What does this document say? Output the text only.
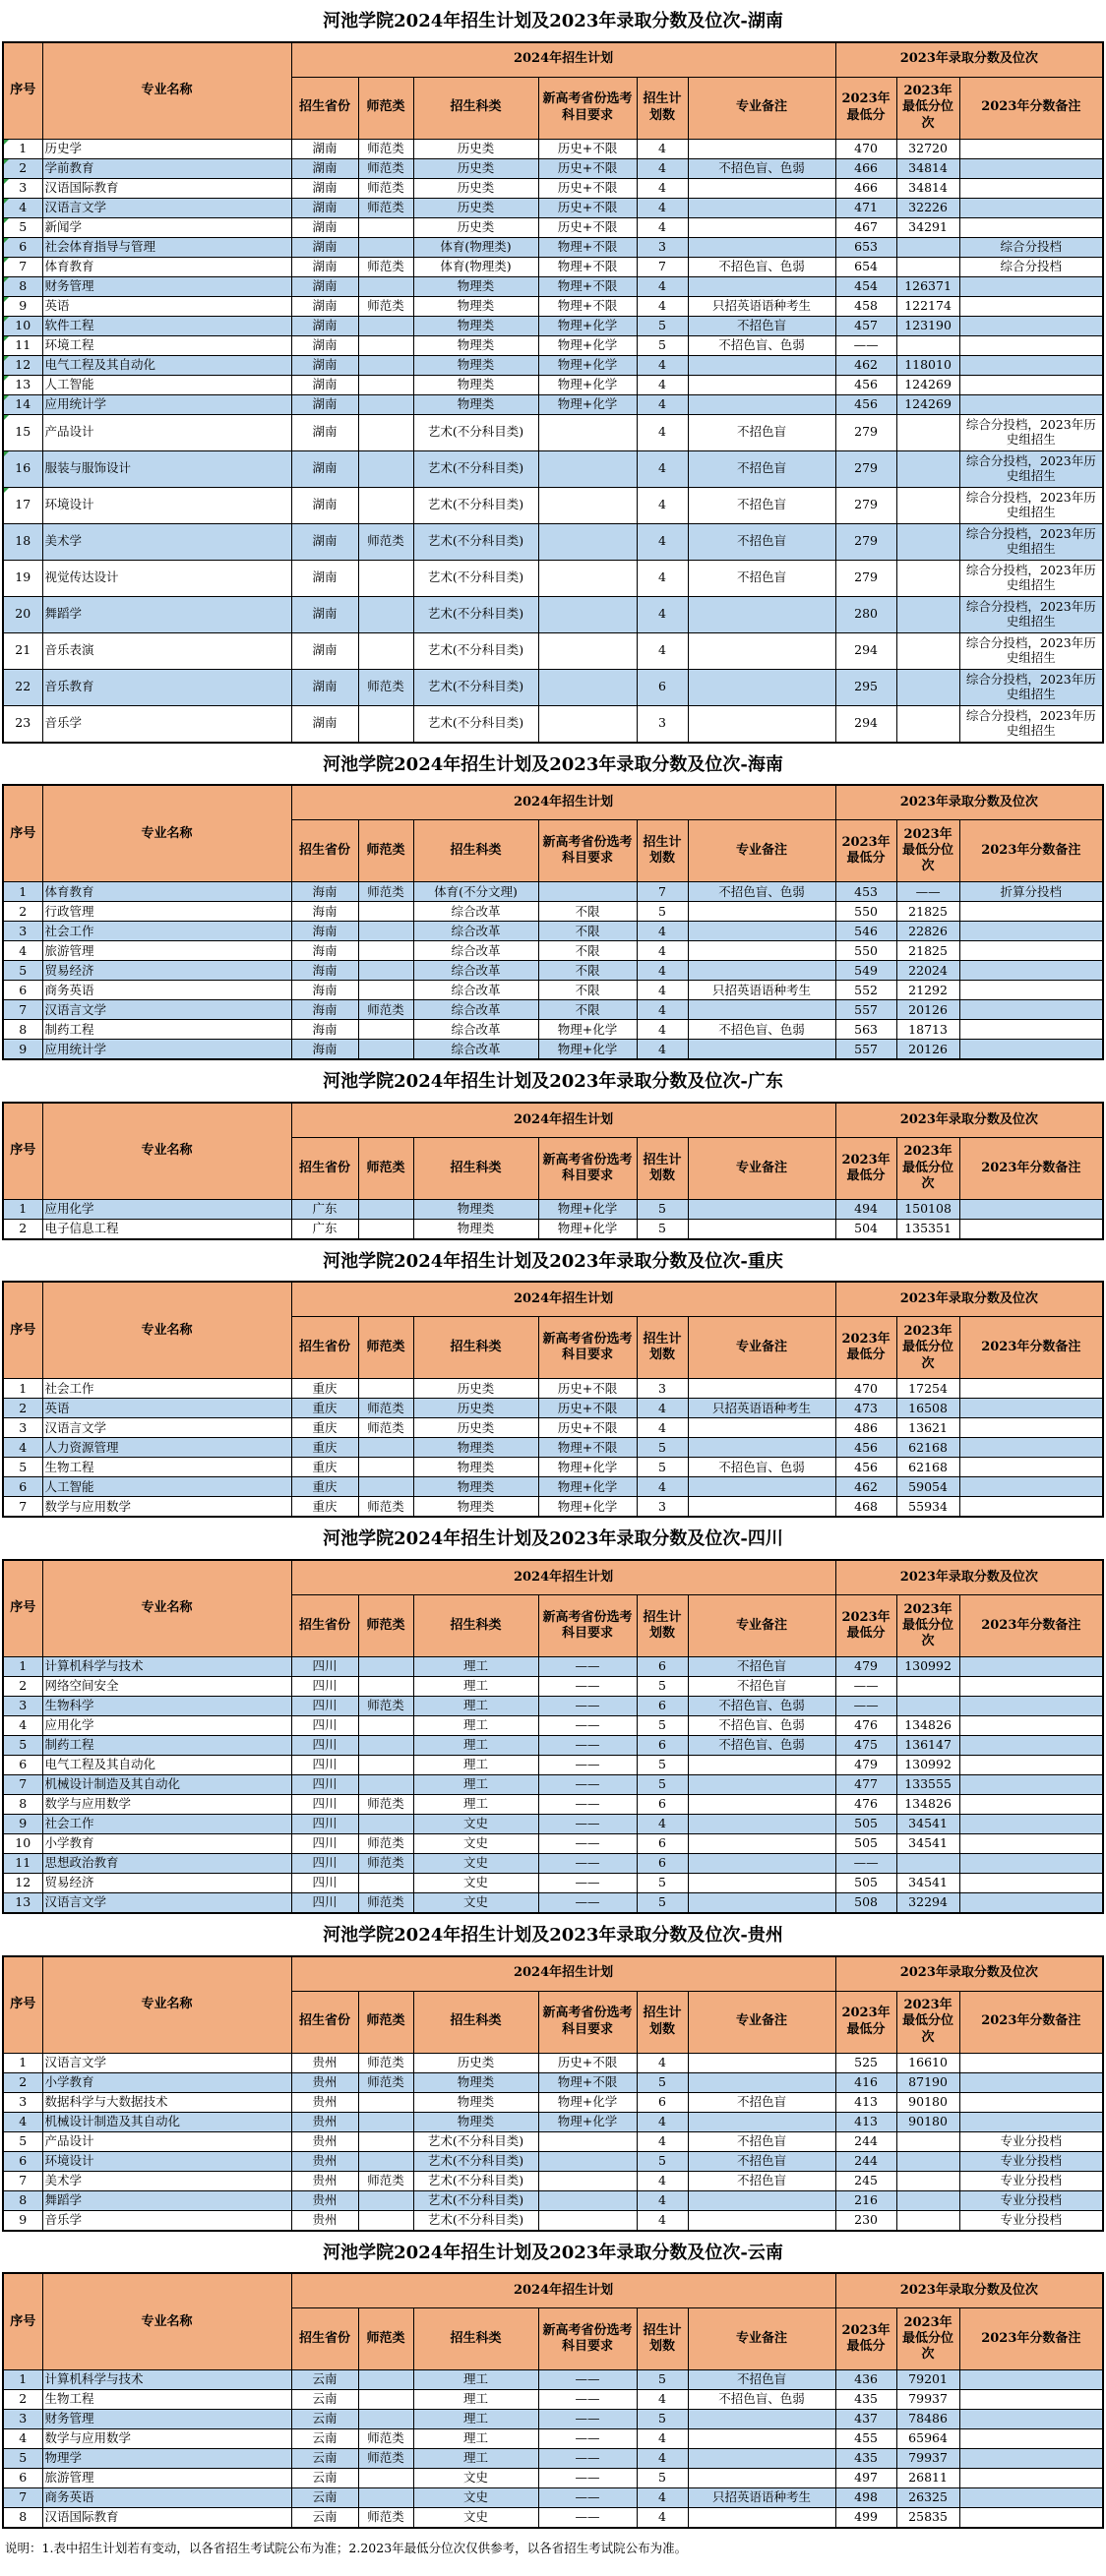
河池学院2024年招生计划及2023年录取分数及位次-湖南
序号	专业名称	2024年招生计划						2023年录取分数及位次		
		招生省份	师范类	招生科类	新高考省份选考科目要求	招生计划数	专业备注	2023年最低分	2023年最低分位次	2023年分数备注

1	历史学	湖南	师范类	历史类	历史+不限	4		470	32720	

2	学前教育	湖南	师范类	历史类	历史+不限	4	不招色盲、色弱	466	34814	

3	汉语国际教育	湖南	师范类	历史类	历史+不限	4		466	34814	

4	汉语言文学	湖南	师范类	历史类	历史+不限	4		471	32226	

5	新闻学	湖南		历史类	历史+不限	4		467	34291	

6	社会体育指导与管理	湖南		体育(物理类)	物理+不限	3		653		综合分投档

7	体育教育	湖南	师范类	体育(物理类)	物理+不限	7	不招色盲、色弱	654		综合分投档

8	财务管理	湖南		物理类	物理+不限	4		454	126371	

9	英语	湖南	师范类	物理类	物理+不限	4	只招英语语种考生	458	122174	

10	软件工程	湖南		物理类	物理+化学	5	不招色盲	457	123190	

11	环境工程	湖南		物理类	物理+化学	5	不招色盲、色弱	——		

12	电气工程及其自动化	湖南		物理类	物理+化学	4		462	118010	

13	人工智能	湖南		物理类	物理+化学	4		456	124269	

14	应用统计学	湖南		物理类	物理+化学	4		456	124269	

15	产品设计	湖南		艺术(不分科目类)		4	不招色盲	279		综合分投档，2023年历史组招生

16	服装与服饰设计	湖南		艺术(不分科目类)		4	不招色盲	279		综合分投档，2023年历史组招生

17	环境设计	湖南		艺术(不分科目类)		4	不招色盲	279		综合分投档，2023年历史组招生
18	美术学	湖南	师范类	艺术(不分科目类)		4	不招色盲	279		综合分投档，2023年历史组招生
19	视觉传达设计	湖南		艺术(不分科目类)		4	不招色盲	279		综合分投档，2023年历史组招生
20	舞蹈学	湖南		艺术(不分科目类)		4		280		综合分投档，2023年历史组招生
21	音乐表演	湖南		艺术(不分科目类)		4		294		综合分投档，2023年历史组招生
22	音乐教育	湖南	师范类	艺术(不分科目类)		6		295		综合分投档，2023年历史组招生
23	音乐学	湖南		艺术(不分科目类)		3		294		综合分投档，2023年历史组招生
河池学院2024年招生计划及2023年录取分数及位次-海南
序号	专业名称	2024年招生计划						2023年录取分数及位次		
		招生省份	师范类	招生科类	新高考省份选考科目要求	招生计划数	专业备注	2023年最低分	2023年最低分位次	2023年分数备注
1	体育教育	海南	师范类	体育(不分文理)		7	不招色盲、色弱	453	——	折算分投档
2	行政管理	海南		综合改革	不限	5		550	21825	
3	社会工作	海南		综合改革	不限	4		546	22826	
4	旅游管理	海南		综合改革	不限	4		550	21825	
5	贸易经济	海南		综合改革	不限	4		549	22024	
6	商务英语	海南		综合改革	不限	4	只招英语语种考生	552	21292	
7	汉语言文学	海南	师范类	综合改革	不限	4		557	20126	
8	制药工程	海南		综合改革	物理+化学	4	不招色盲、色弱	563	18713	
9	应用统计学	海南		综合改革	物理+化学	4		557	20126	
河池学院2024年招生计划及2023年录取分数及位次-广东
序号	专业名称	2024年招生计划						2023年录取分数及位次		
		招生省份	师范类	招生科类	新高考省份选考科目要求	招生计划数	专业备注	2023年最低分	2023年最低分位次	2023年分数备注
1	应用化学	广东		物理类	物理+化学	5		494	150108	
2	电子信息工程	广东		物理类	物理+化学	5		504	135351	
河池学院2024年招生计划及2023年录取分数及位次-重庆
序号	专业名称	2024年招生计划						2023年录取分数及位次		
		招生省份	师范类	招生科类	新高考省份选考科目要求	招生计划数	专业备注	2023年最低分	2023年最低分位次	2023年分数备注
1	社会工作	重庆		历史类	历史+不限	3		470	17254	
2	英语	重庆	师范类	历史类	历史+不限	4	只招英语语种考生	473	16508	
3	汉语言文学	重庆	师范类	历史类	历史+不限	4		486	13621	
4	人力资源管理	重庆		物理类	物理+不限	5		456	62168	
5	生物工程	重庆		物理类	物理+化学	5	不招色盲、色弱	456	62168	
6	人工智能	重庆		物理类	物理+化学	4		462	59054	
7	数学与应用数学	重庆	师范类	物理类	物理+化学	3		468	55934	
河池学院2024年招生计划及2023年录取分数及位次-四川
序号	专业名称	2024年招生计划						2023年录取分数及位次		
		招生省份	师范类	招生科类	新高考省份选考科目要求	招生计划数	专业备注	2023年最低分	2023年最低分位次	2023年分数备注
1	计算机科学与技术	四川		理工	——	6	不招色盲	479	130992	
2	网络空间安全	四川		理工	——	5	不招色盲	——		
3	生物科学	四川	师范类	理工	——	6	不招色盲、色弱	——		
4	应用化学	四川		理工	——	5	不招色盲、色弱	476	134826	
5	制药工程	四川		理工	——	6	不招色盲、色弱	475	136147	
6	电气工程及其自动化	四川		理工	——	5		479	130992	
7	机械设计制造及其自动化	四川		理工	——	5		477	133555	
8	数学与应用数学	四川	师范类	理工	——	6		476	134826	
9	社会工作	四川		文史	——	4		505	34541	
10	小学教育	四川	师范类	文史	——	6		505	34541	
11	思想政治教育	四川	师范类	文史	——	6		——		
12	贸易经济	四川		文史	——	5		505	34541	
13	汉语言文学	四川	师范类	文史	——	5		508	32294	
河池学院2024年招生计划及2023年录取分数及位次-贵州
序号	专业名称	2024年招生计划						2023年录取分数及位次		
		招生省份	师范类	招生科类	新高考省份选考科目要求	招生计划数	专业备注	2023年最低分	2023年最低分位次	2023年分数备注
1	汉语言文学	贵州	师范类	历史类	历史+不限	4		525	16610	
2	小学教育	贵州	师范类	物理类	物理+不限	5		416	87190	
3	数据科学与大数据技术	贵州		物理类	物理+化学	6	不招色盲	413	90180	
4	机械设计制造及其自动化	贵州		物理类	物理+化学	4		413	90180	
5	产品设计	贵州		艺术(不分科目类)		4	不招色盲	244		专业分投档
6	环境设计	贵州		艺术(不分科目类)		5	不招色盲	244		专业分投档
7	美术学	贵州	师范类	艺术(不分科目类)		4	不招色盲	245		专业分投档
8	舞蹈学	贵州		艺术(不分科目类)		4		216		专业分投档
9	音乐学	贵州		艺术(不分科目类)		4		230		专业分投档
河池学院2024年招生计划及2023年录取分数及位次-云南
序号	专业名称	2024年招生计划						2023年录取分数及位次		
		招生省份	师范类	招生科类	新高考省份选考科目要求	招生计划数	专业备注	2023年最低分	2023年最低分位次	2023年分数备注
1	计算机科学与技术	云南		理工	——	5	不招色盲	436	79201	
2	生物工程	云南		理工	——	4	不招色盲、色弱	435	79937	
3	财务管理	云南		理工	——	5		437	78486	
4	数学与应用数学	云南	师范类	理工	——	4		455	65964	
5	物理学	云南	师范类	理工	——	4		435	79937	
6	旅游管理	云南		文史	——	5		497	26811	
7	商务英语	云南		文史	——	4	只招英语语种考生	498	26325	
8	汉语国际教育	云南	师范类	文史	——	4		499	25835	
说明：1.表中招生计划若有变动，以各省招生考试院公布为准；2.2023年最低分位次仅供参考，以各省招生考试院公布为准。
